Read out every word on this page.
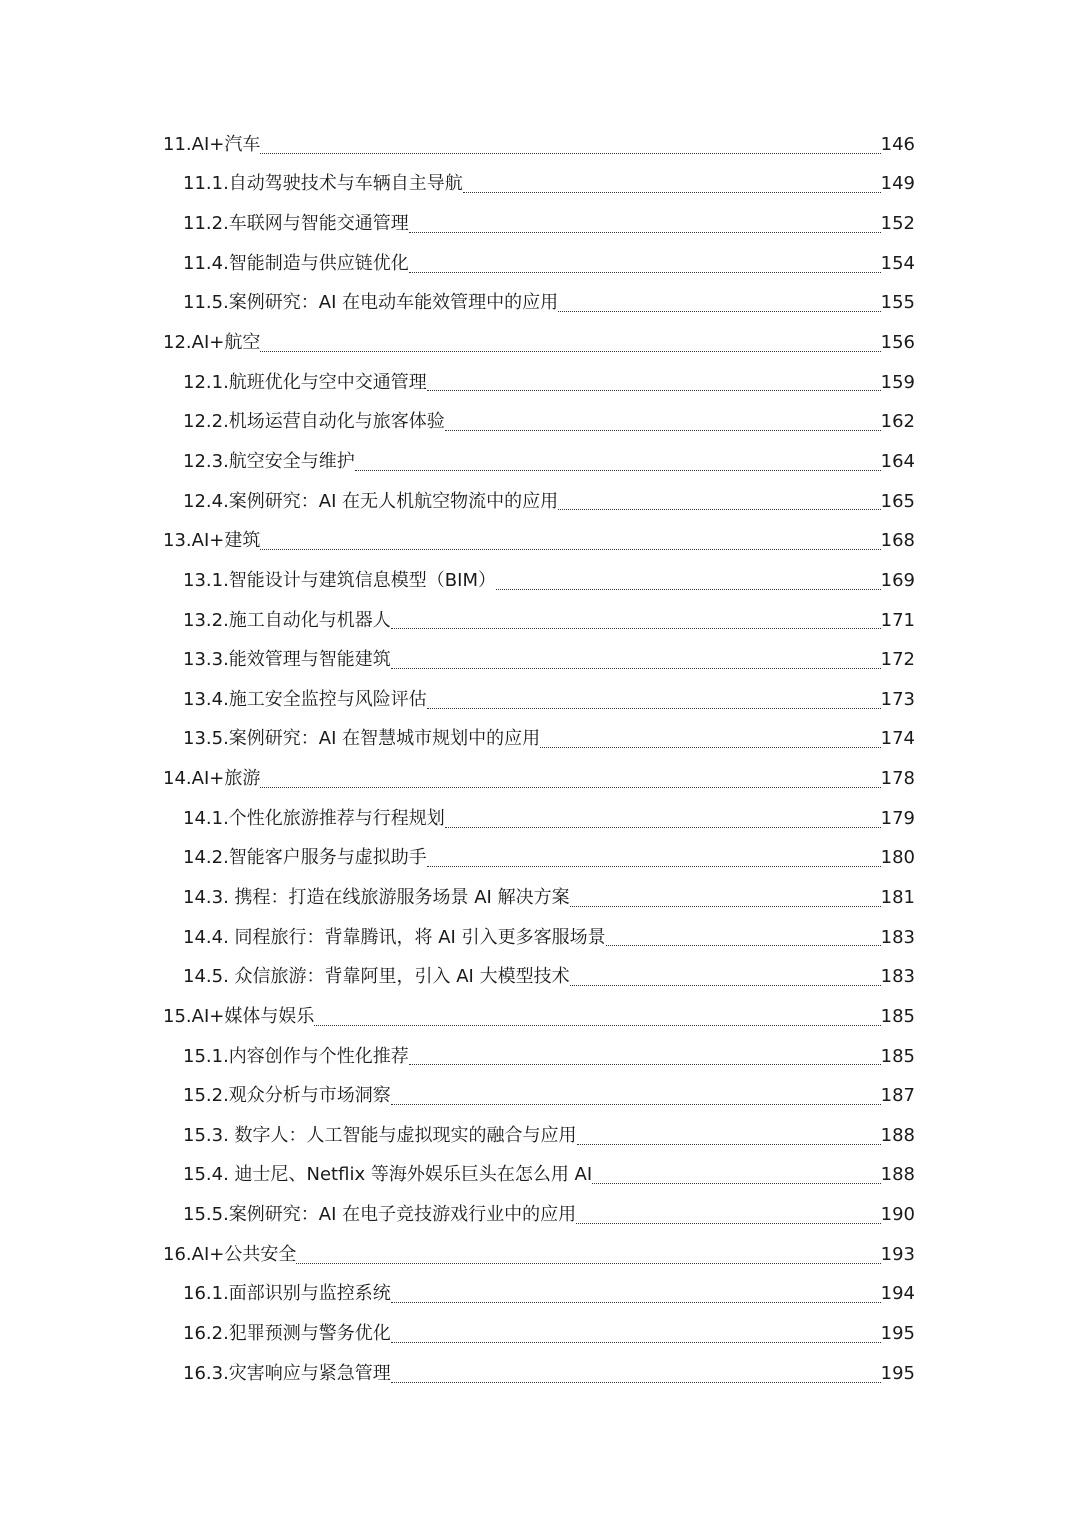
11.AI+汽车	146
11.1.自动驾驶技术与车辆自主导航	149
11.2.车联网与智能交通管理	152
11.4.智能制造与供应链优化	154
11.5.案例研究：AI 在电动车能效管理中的应用	155
12.AI+航空	156
12.1.航班优化与空中交通管理	159
12.2.机场运营自动化与旅客体验	162
12.3.航空安全与维护	164
12.4.案例研究：AI 在无人机航空物流中的应用	165
13.AI+建筑	168
13.1.智能设计与建筑信息模型（BIM）	169
13.2.施工自动化与机器人	171
13.3.能效管理与智能建筑	172
13.4.施工安全监控与风险评估	173
13.5.案例研究：AI 在智慧城市规划中的应用	174
14.AI+旅游	178
14.1.个性化旅游推荐与行程规划	179
14.2.智能客户服务与虚拟助手	180
14.3. 携程：打造在线旅游服务场景 AI 解决方案	181
14.4. 同程旅行：背靠腾讯，将 AI 引入更多客服场景	183
14.5. 众信旅游：背靠阿里，引入 AI 大模型技术	183
15.AI+媒体与娱乐	185
15.1.内容创作与个性化推荐	185
15.2.观众分析与市场洞察	187
15.3. 数字人：人工智能与虚拟现实的融合与应用	188
15.4. 迪士尼、Netflix 等海外娱乐巨头在怎么用 AI	188
15.5.案例研究：AI 在电子竞技游戏行业中的应用	190
16.AI+公共安全	193
16.1.面部识别与监控系统	194
16.2.犯罪预测与警务优化	195
16.3.灾害响应与紧急管理	195
